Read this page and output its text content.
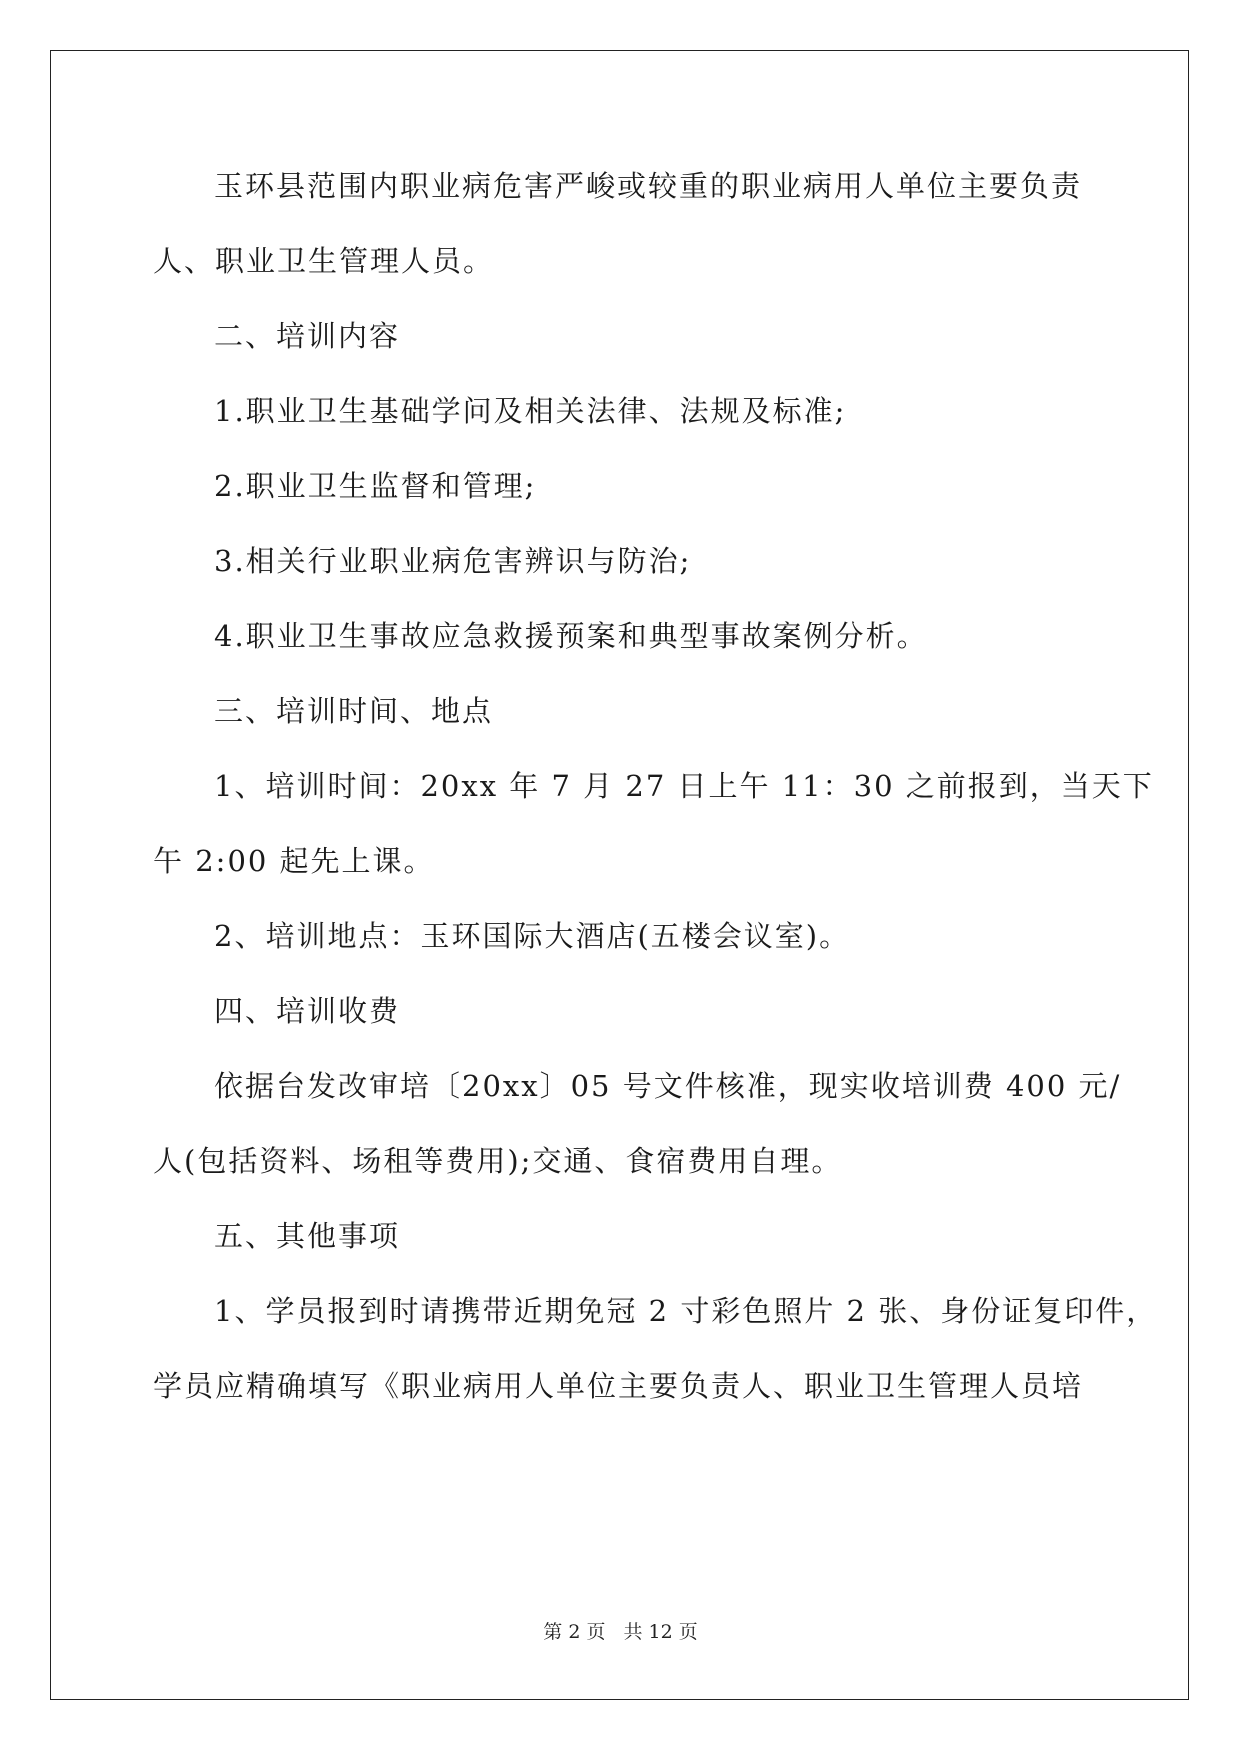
玉环县范围内职业病危害严峻或较重的职业病用人单位主要负责
人、职业卫生管理人员。
二、培训内容
1.职业卫生基础学问及相关法律、法规及标准;
2.职业卫生监督和管理;
3.相关行业职业病危害辨识与防治;
4.职业卫生事故应急救援预案和典型事故案例分析。
三、培训时间、地点
1、培训时间：20xx 年 7 月 27 日上午 11：30 之前报到，当天下
午 2:00 起先上课。
2、培训地点：玉环国际大酒店(五楼会议室)。
四、培训收费
依据台发改审培〔20xx〕05 号文件核准，现实收培训费 400 元/
人(包括资料、场租等费用);交通、食宿费用自理。
五、其他事项
1、学员报到时请携带近期免冠 2 寸彩色照片 2 张、身份证复印件，
学员应精确填写《职业病用人单位主要负责人、职业卫生管理人员培
第 2 页 共 12 页
